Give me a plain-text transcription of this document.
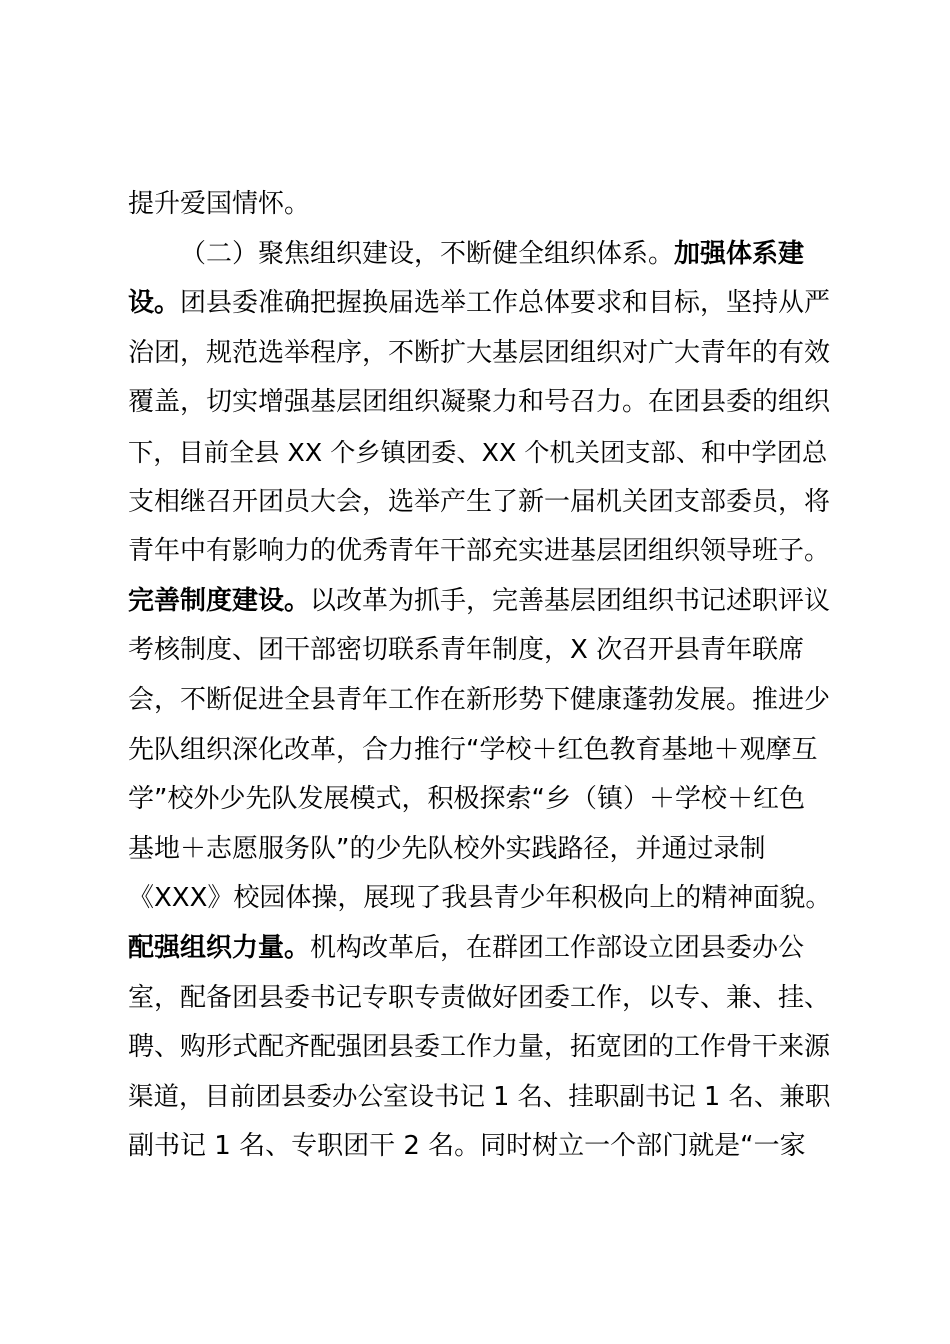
提升爱国情怀。
（二）聚焦组织建设，不断健全组织体系。加强体系建
设。团县委准确把握换届选举工作总体要求和目标，坚持从严
治团，规范选举程序，不断扩大基层团组织对广大青年的有效
覆盖，切实增强基层团组织凝聚力和号召力。在团县委的组织
下，目前全县 XX 个乡镇团委、XX 个机关团支部、和中学团总
支相继召开团员大会，选举产生了新一届机关团支部委员，将
青年中有影响力的优秀青年干部充实进基层团组织领导班子。
完善制度建设。以改革为抓手，完善基层团组织书记述职评议
考核制度、团干部密切联系青年制度，X 次召开县青年联席
会，不断促进全县青年工作在新形势下健康蓬勃发展。推进少
先队组织深化改革，合力推行“学校＋红色教育基地＋观摩互
学”校外少先队发展模式，积极探索“乡（镇）＋学校＋红色
基地＋志愿服务队”的少先队校外实践路径，并通过录制
《XXX》校园体操，展现了我县青少年积极向上的精神面貌。
配强组织力量。机构改革后，在群团工作部设立团县委办公
室，配备团县委书记专职专责做好团委工作，以专、兼、挂、
聘、购形式配齐配强团县委工作力量，拓宽团的工作骨干来源
渠道，目前团县委办公室设书记 1 名、挂职副书记 1 名、兼职
副书记 1 名、专职团干 2 名。同时树立一个部门就是“一家
